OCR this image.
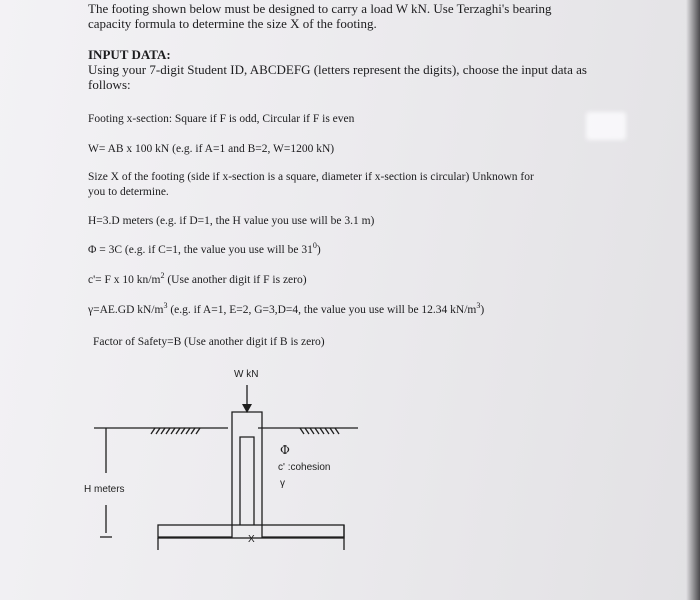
The footing shown below must be designed to carry a load W kN. Use Terzaghi's bearing
capacity formula to determine the size X of the footing.
INPUT DATA:
Using your 7-digit Student ID, ABCDEFG (letters represent the digits), choose the input data as
follows:
Footing x-section: Square if F is odd, Circular if F is even
W= AB x 100 kN (e.g. if A=1 and B=2, W=1200 kN)
Size X of the footing (side if x-section is a square, diameter if x-section is circular) Unknown for
you to determine.
H=3.D meters (e.g. if D=1, the H value you use will be 3.1 m)
Φ = 3C (e.g. if C=1, the value you use will be $31^0$)
c'= F x 10 $kn/m^2$ (Use another digit if F is zero)
γ=AE.GD $kN/m^3$ (e.g. if A=1, E=2, G=3,D=4, the value you use will be 12.34 $kN/m^3$)
Factor of Safety=B (Use another digit if B is zero)
W kN
Φ
c' :cohesion
γ
H meters
X
